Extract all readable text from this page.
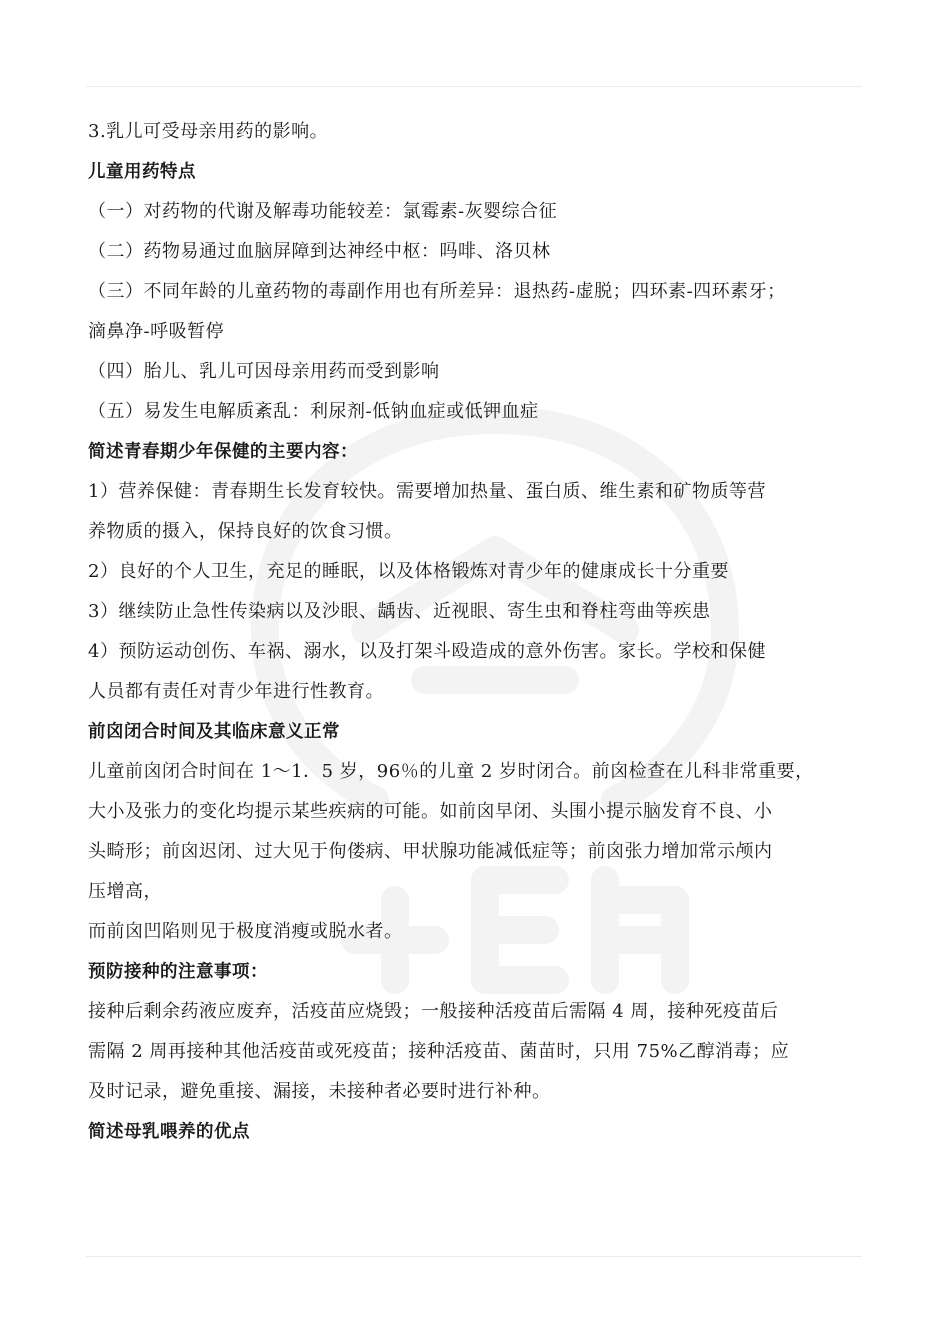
3.乳儿可受母亲用药的影响。
儿童用药特点
（一）对药物的代谢及解毒功能较差：氯霉素-灰婴综合征
（二）药物易通过血脑屏障到达神经中枢：吗啡、洛贝林
（三）不同年龄的儿童药物的毒副作用也有所差异：退热药-虚脱；四环素-四环素牙；
滴鼻净-呼吸暂停
（四）胎儿、乳儿可因母亲用药而受到影响
（五）易发生电解质紊乱：利尿剂-低钠血症或低钾血症
简述青春期少年保健的主要内容：
1）营养保健：青春期生长发育较快。需要增加热量、蛋白质、维生素和矿物质等营
养物质的摄入，保持良好的饮食习惯。
2）良好的个人卫生，充足的睡眠，以及体格锻炼对青少年的健康成长十分重要
3）继续防止急性传染病以及沙眼、龋齿、近视眼、寄生虫和脊柱弯曲等疾患
4）预防运动创伤、车祸、溺水，以及打架斗殴造成的意外伤害。家长。学校和保健
人员都有责任对青少年进行性教育。
前囟闭合时间及其临床意义正常
儿童前囟闭合时间在 1～1．5 岁，96％的儿童 2 岁时闭合。前囟检查在儿科非常重要，
大小及张力的变化均提示某些疾病的可能。如前囟早闭、头围小提示脑发育不良、小
头畸形；前囟迟闭、过大见于佝偻病、甲状腺功能减低症等；前囟张力增加常示颅内
压增高，
而前囟凹陷则见于极度消瘦或脱水者。
预防接种的注意事项：
接种后剩余药液应废弃，活疫苗应烧毁；一般接种活疫苗后需隔 4 周，接种死疫苗后
需隔 2 周再接种其他活疫苗或死疫苗；接种活疫苗、菌苗时，只用 75%乙醇消毒；应
及时记录，避免重接、漏接，未接种者必要时进行补种。
简述母乳喂养的优点
